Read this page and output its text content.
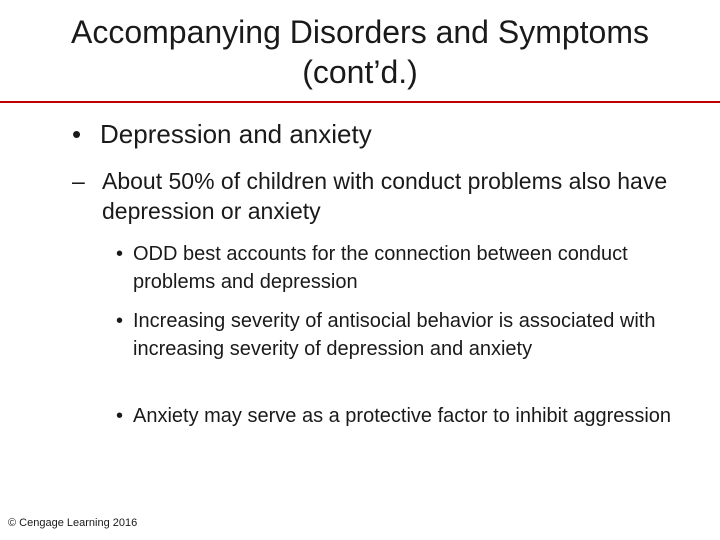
Accompanying Disorders and Symptoms
(cont’d.)
• Depression and anxiety
– About 50% of children with conduct problems also have depression or anxiety
• ODD best accounts for the connection between conduct problems and depression
• Increasing severity of antisocial behavior is associated with increasing severity of depression and anxiety
• Anxiety may serve as a protective factor to inhibit aggression
© Cengage Learning 2016
